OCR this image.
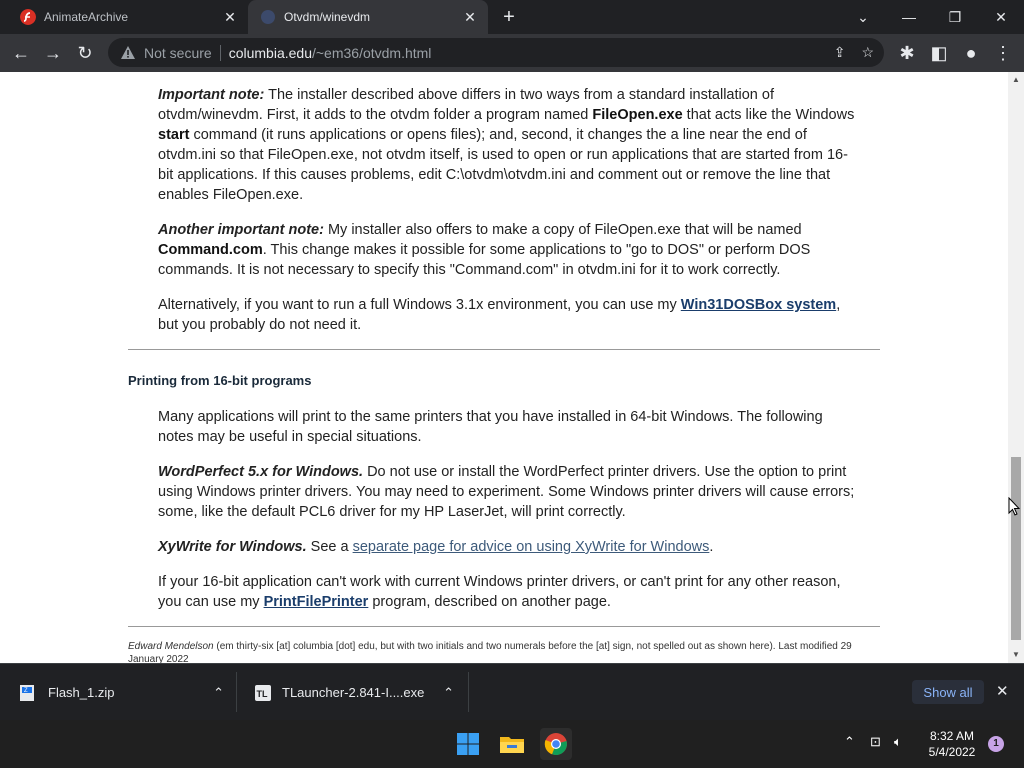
AnimateArchive	✕	Otvdm/winevdm	✕ +	⌄	—	❐	✕
← → ↻	Not secure columbia.edu /~em36/otvdm.html	⇪ ☆	✱ ◧	● ⋮
Important note: The installer described above differs in two ways from a standard installation of otvdm/winevdm. First, it adds to the otvdm folder a program named FileOpen.exe that acts like the Windows start command (it runs applications or opens files); and, second, it changes the a line near the end of otvdm.ini so that FileOpen.exe, not otvdm itself, is used to open or run applications that are started from 16-bit applications. If this causes problems, edit C:\otvdm\otvdm.ini and comment out or remove the line that enables FileOpen.exe.
Another important note: My installer also offers to make a copy of FileOpen.exe that will be named Command.com. This change makes it possible for some applications to "go to DOS" or perform DOS commands. It is not necessary to specify this "Command.com" in otvdm.ini for it to work correctly.
Alternatively, if you want to run a full Windows 3.1x environment, you can use my Win31DOSBox system, but you probably do not need it.
Printing from 16-bit programs
Many applications will print to the same printers that you have installed in 64-bit Windows. The following notes may be useful in special situations.
WordPerfect 5.x for Windows. Do not use or install the WordPerfect printer drivers. Use the option to print using Windows printer drivers. You may need to experiment. Some Windows printer drivers will cause errors; some, like the default PCL6 driver for my HP LaserJet, will print correctly.
XyWrite for Windows. See a separate page for advice on using XyWrite for Windows.
If your 16-bit application can't work with current Windows printer drivers, or can't print for any other reason, you can use my PrintFilePrinter program, described on another page.
Edward Mendelson (em thirty-six [at] columbia [dot] edu, but with two initials and two numerals before the [at] sign, not spelled out as shown here). Last modified 29 January 2022
▲
▼
Z Flash_1.zip	⌃	TL TLauncher-2.841-I....exe	⌃	Show all	✕
⌃ ⊡ 🔈︎	8:32 AM
5/4/2022
1
